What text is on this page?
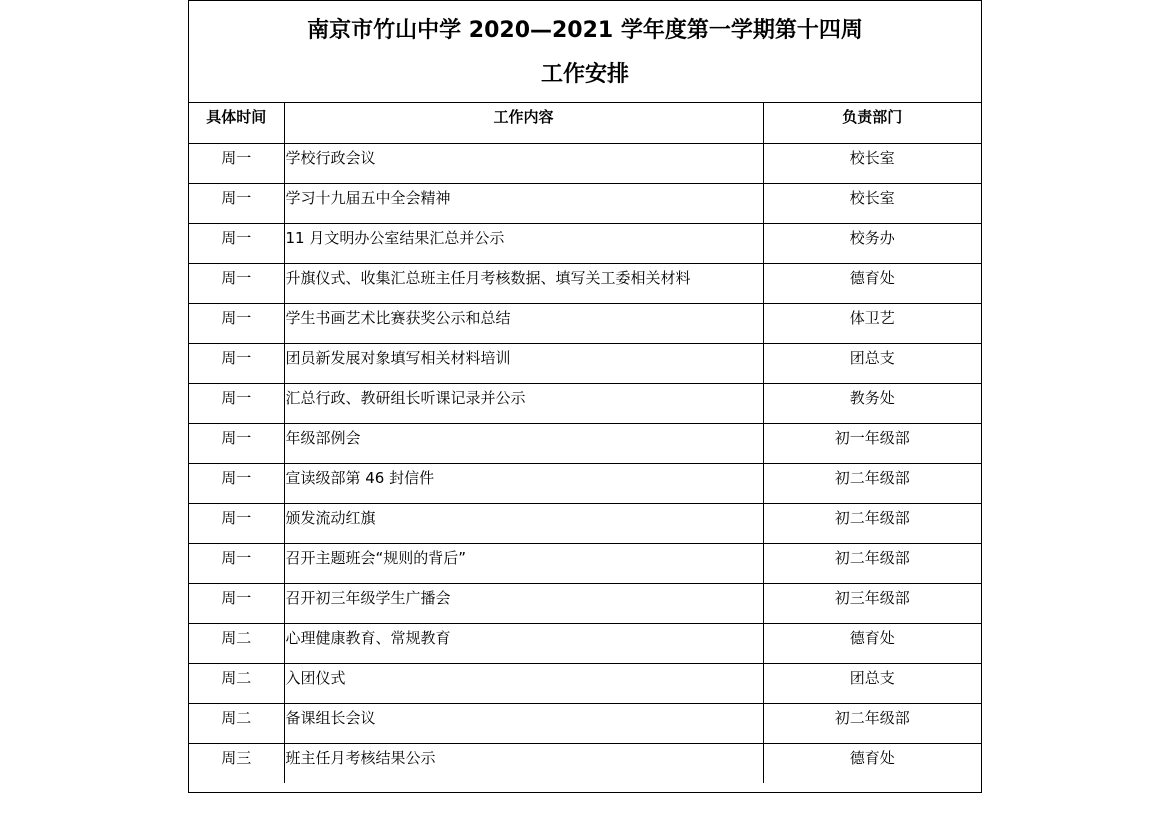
南京市竹山中学 2020—2021 学年度第一学期第十四周
工作安排
具体时间	工作内容	负责部门
周一	学校行政会议	校长室
周一	学习十九届五中全会精神	校长室
周一	11 月文明办公室结果汇总并公示	校务办
周一	升旗仪式、收集汇总班主任月考核数据、填写关工委相关材料	德育处
周一	学生书画艺术比赛获奖公示和总结	体卫艺
周一	团员新发展对象填写相关材料培训	团总支
周一	汇总行政、教研组长听课记录并公示	教务处
周一	年级部例会	初一年级部
周一	宣读级部第 46 封信件	初二年级部
周一	颁发流动红旗	初二年级部
周一	召开主题班会“规则的背后”	初二年级部
周一	召开初三年级学生广播会	初三年级部
周二	心理健康教育、常规教育	德育处
周二	入团仪式	团总支
周二	备课组长会议	初二年级部
周三	班主任月考核结果公示	德育处
